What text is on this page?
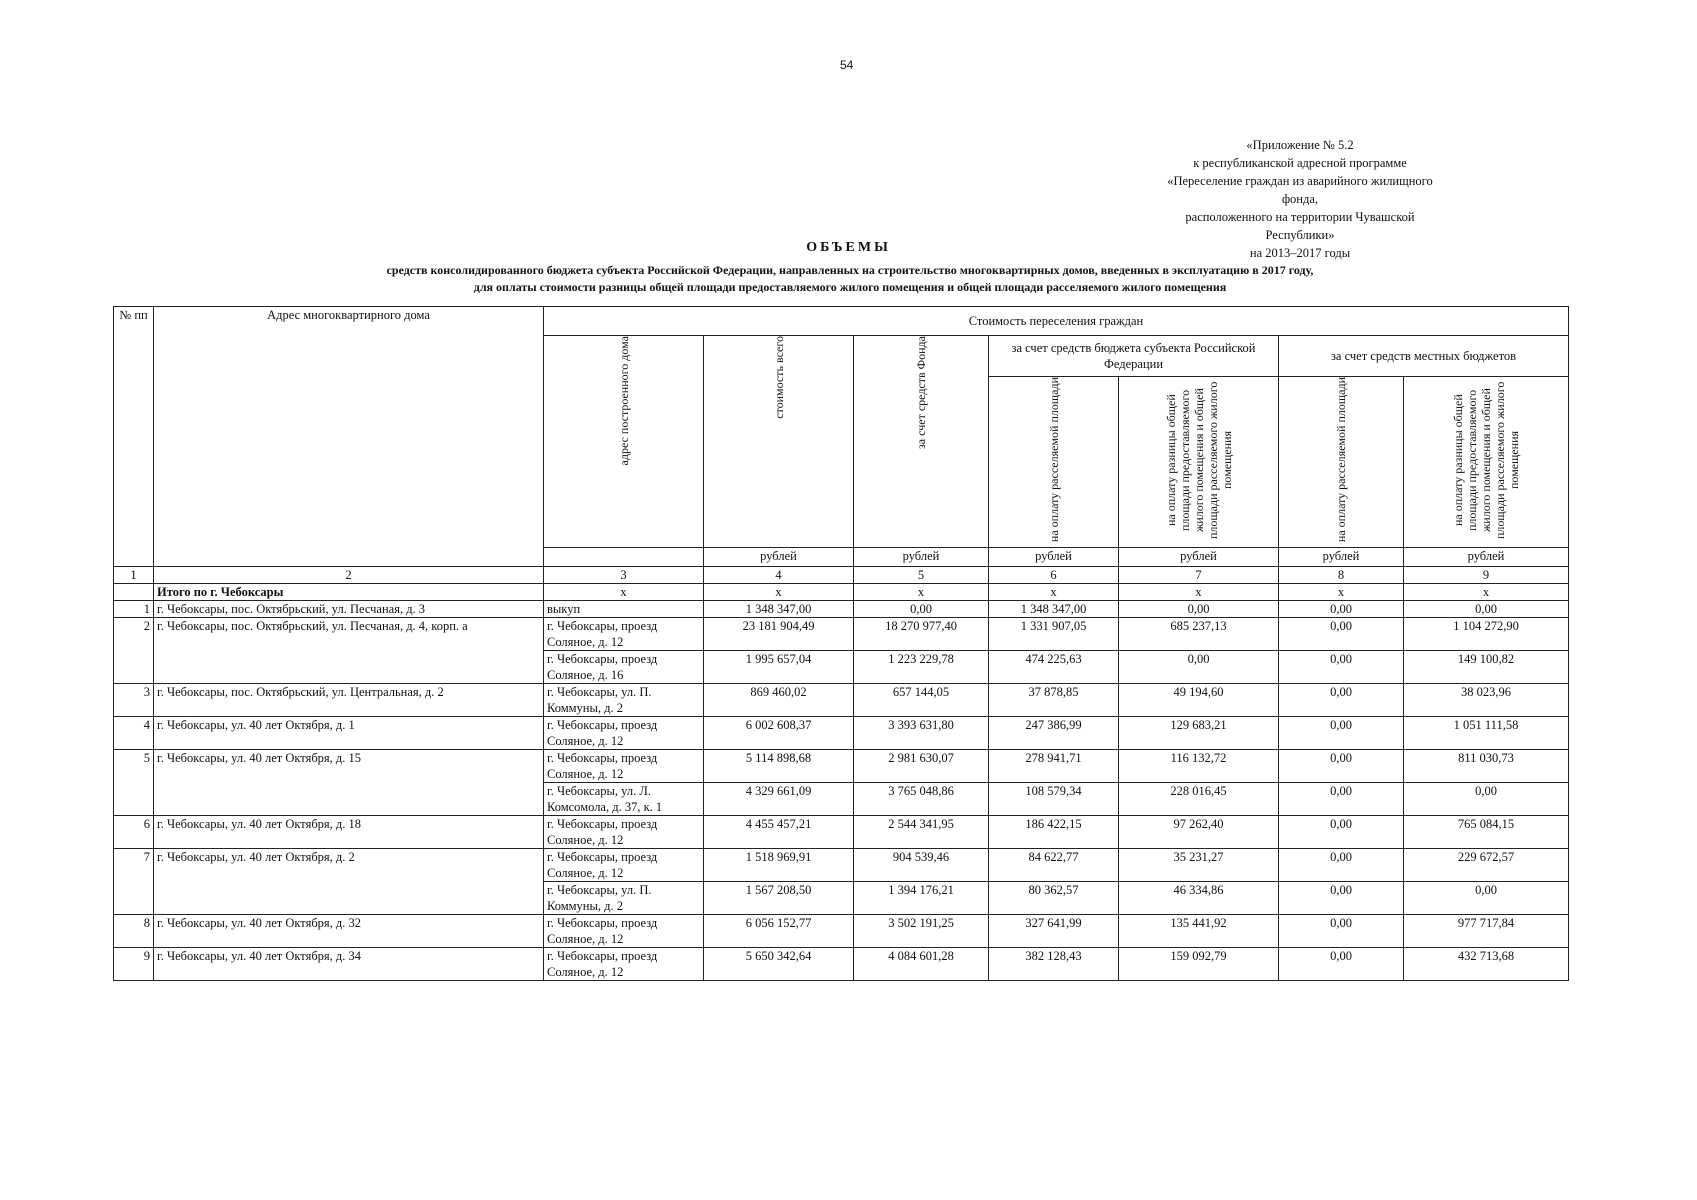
54
«Приложение № 5.2
к республиканской адресной программе
«Переселение граждан из аварийного жилищного фонда,
расположенного на территории Чувашской Республики»
на 2013–2017 годы
ОБЪЕМЫ
средств консолидированного бюджета субъекта Российской Федерации, направленных на строительство многоквартирных домов, введенных в эксплуатацию в 2017 году,
для оплаты стоимости разницы общей площади предоставляемого жилого помещения и общей площади расселяемого жилого помещения
№ пп	Адрес многоквартирного дома	Стоимость переселения граждан						
		адрес построенного дома	стоимость всего	за счет средств Фонда	за счет средств бюджета субъекта Российской Федерации		за счет средств местных бюджетов	
					на оплату расселяемой площади	на оплату разницы общей площади предоставляемого жилого помещения и общей площади расселяемого жилого помещения	на оплату расселяемой площади	на оплату разницы общей площади предоставляемого жилого помещения и общей площади расселяемого жилого помещения
			рублей	рублей	рублей	рублей	рублей	рублей
1	2	3	4	5	6	7	8	9
	Итого по г. Чебоксары	х	х	х	х	х	х	х
1	г. Чебоксары, пос. Октябрьский, ул. Песчаная, д. 3	выкуп	1 348 347,00	0,00	1 348 347,00	0,00	0,00	0,00
2	г. Чебоксары, пос. Октябрьский, ул. Песчаная, д. 4, корп. а	г. Чебоксары, проезд Соляное, д. 12	23 181 904,49	18 270 977,40	1 331 907,05	685 237,13	0,00	1 104 272,90
		г. Чебоксары, проезд Соляное, д. 16	1 995 657,04	1 223 229,78	474 225,63	0,00	0,00	149 100,82
3	г. Чебоксары, пос. Октябрьский, ул. Центральная, д. 2	г. Чебоксары, ул. П. Коммуны, д. 2	869 460,02	657 144,05	37 878,85	49 194,60	0,00	38 023,96
4	г. Чебоксары, ул. 40 лет Октября, д. 1	г. Чебоксары, проезд Соляное, д. 12	6 002 608,37	3 393 631,80	247 386,99	129 683,21	0,00	1 051 111,58
5	г. Чебоксары, ул. 40 лет Октября, д. 15	г. Чебоксары, проезд Соляное, д. 12	5 114 898,68	2 981 630,07	278 941,71	116 132,72	0,00	811 030,73
		г. Чебоксары, ул. Л. Комсомола, д. 37, к. 1	4 329 661,09	3 765 048,86	108 579,34	228 016,45	0,00	0,00
6	г. Чебоксары, ул. 40 лет Октября, д. 18	г. Чебоксары, проезд Соляное, д. 12	4 455 457,21	2 544 341,95	186 422,15	97 262,40	0,00	765 084,15
7	г. Чебоксары, ул. 40 лет Октября, д. 2	г. Чебоксары, проезд Соляное, д. 12	1 518 969,91	904 539,46	84 622,77	35 231,27	0,00	229 672,57
		г. Чебоксары, ул. П. Коммуны, д. 2	1 567 208,50	1 394 176,21	80 362,57	46 334,86	0,00	0,00
8	г. Чебоксары, ул. 40 лет Октября, д. 32	г. Чебоксары, проезд Соляное, д. 12	6 056 152,77	3 502 191,25	327 641,99	135 441,92	0,00	977 717,84
9	г. Чебоксары, ул. 40 лет Октября, д. 34	г. Чебоксары, проезд Соляное, д. 12	5 650 342,64	4 084 601,28	382 128,43	159 092,79	0,00	432 713,68
